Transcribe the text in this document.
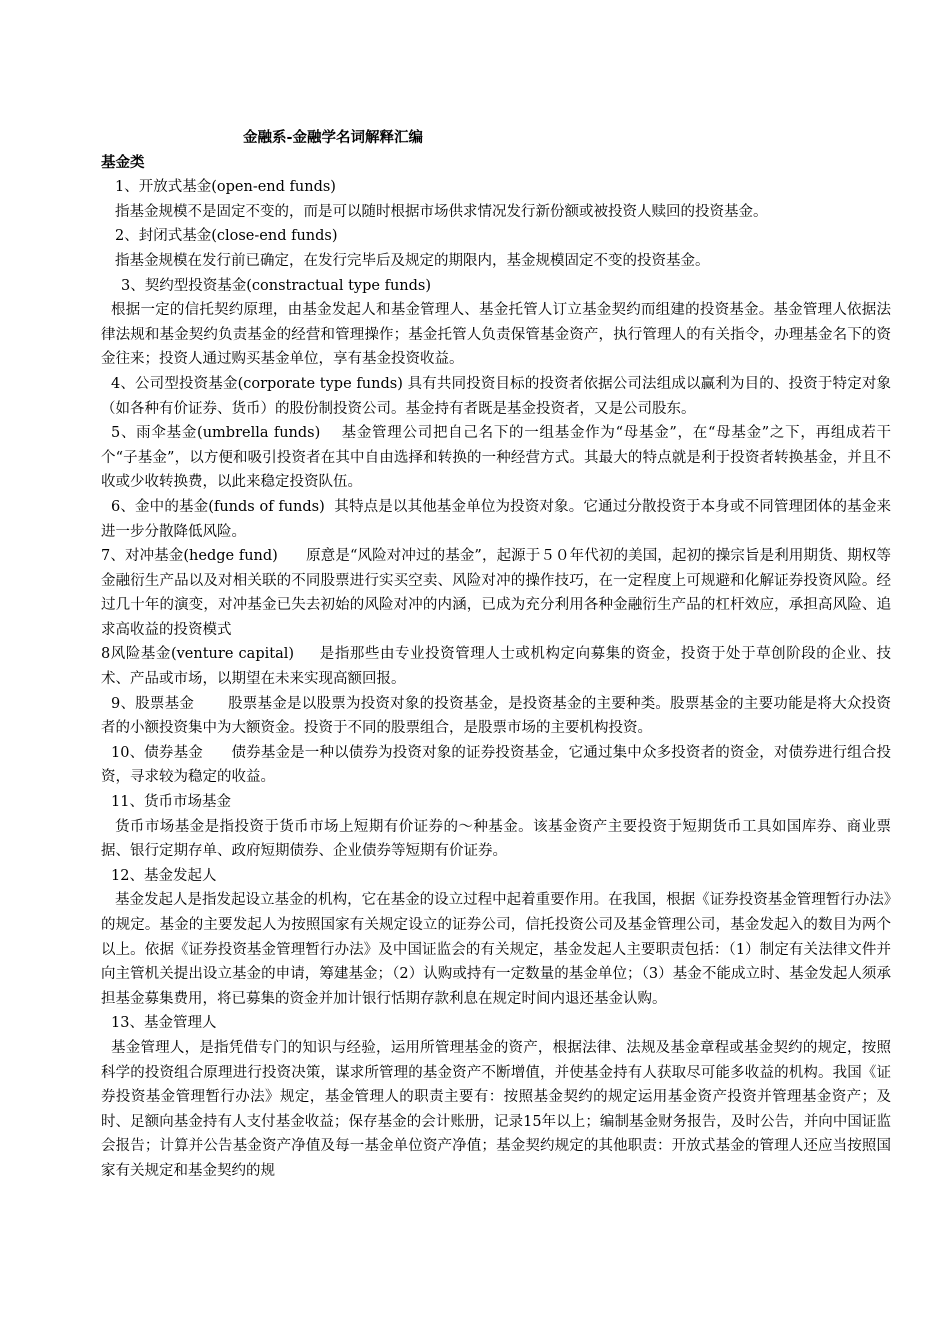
金融系-金融学名词解释汇编
基金类

1、开放式基金(open-end funds)

指基金规模不是固定不变的，而是可以随时根据市场供求情况发行新份额或被投资人赎回的投资基金。

2、封闭式基金(close-end funds)

指基金规模在发行前已确定，在发行完毕后及规定的期限内，基金规模固定不变的投资基金。

3、契约型投资基金(constractual type funds)

根据一定的信托契约原理，由基金发起人和基金管理人、基金托管人订立基金契约而组建的投资基金。基金管理人依据法律法规和基金契约负责基金的经营和管理操作；基金托管人负责保管基金资产，执行管理人的有关指令，办理基金名下的资金往来；投资人通过购买基金单位，享有基金投资收益。

4、公司型投资基金(corporate type funds) 具有共同投资目标的投资者依据公司法组成以赢利为目的、投资于特定对象（如各种有价证券、货币）的股份制投资公司。基金持有者既是基金投资者，又是公司股东。

5、雨伞基金(umbrella funds)    基金管理公司把自己名下的一组基金作为“母基金”，在“母基金”之下，再组成若干个“子基金”，以方便和吸引投资者在其中自由选择和转换的一种经营方式。其最大的特点就是利于投资者转换基金，并且不收或少收转换费，以此来稳定投资队伍。

6、金中的基金(funds of funds)  其特点是以其他基金单位为投资对象。它通过分散投资于本身或不同管理团体的基金来进一步分散降低风险。

7、对冲基金(hedge fund)      原意是“风险对冲过的基金”，起源于５０年代初的美国，起初的操宗旨是利用期货、期权等金融衍生产品以及对相关联的不同股票进行实买空卖、风险对冲的操作技巧，在一定程度上可规避和化解证券投资风险。经过几十年的演变，对冲基金已失去初始的风险对冲的内涵，已成为充分利用各种金融衍生产品的杠杆效应，承担高风险、追求高收益的投资模式

8风险基金(venture capital)     是指那些由专业投资管理人士或机构定向募集的资金，投资于处于草创阶段的企业、技术、产品或市场，以期望在未来实现高额回报。

9、股票基金       股票基金是以股票为投资对象的投资基金，是投资基金的主要种类。股票基金的主要功能是将大众投资者的小额投资集中为大额资金。投资于不同的股票组合，是股票市场的主要机构投资。

10、债券基金      债券基金是一种以债券为投资对象的证券投资基金，它通过集中众多投资者的资金，对债券进行组合投资，寻求较为稳定的收益。

11、货币市场基金

货币市场基金是指投资于货币市场上短期有价证券的～种基金。该基金资产主要投资于短期货币工具如国库券、商业票据、银行定期存单、政府短期债券、企业债券等短期有价证券。

12、基金发起人

基金发起人是指发起设立基金的机构，它在基金的设立过程中起着重要作用。在我国，根据《证券投资基金管理暂行办法》的规定。基金的主要发起人为按照国家有关规定设立的证券公司，信托投资公司及基金管理公司，基金发起入的数目为两个以上。依据《证券投资基金管理暂行办法》及中国证监会的有关规定，基金发起人主要职责包括：（1）制定有关法律文件并向主管机关提出设立基金的申请，筹建基金；（2）认购或持有一定数量的基金单位；（3）基金不能成立时、基金发起人须承担基金募集费用，将已募集的资金并加计银行恬期存款利息在规定时间内退还基金认购。

13、基金管理人

基金管理人，是指凭借专门的知识与经验，运用所管理基金的资产，根据法律、法规及基金章程或基金契约的规定，按照科学的投资组合原理进行投资决策，谋求所管理的基金资产不断增值，并使基金持有人获取尽可能多收益的机构。我国《证券投资基金管理暂行办法》规定，基金管理人的职责主要有：按照基金契约的规定运用基金资产投资并管理基金资产；及时、足额向基金持有人支付基金收益；保存基金的会计账册，记录15年以上；编制基金财务报告，及时公告，并向中国证监会报告；计算并公告基金资产净值及每一基金单位资产净值；基金契约规定的其他职责：开放式基金的管理人还应当按照国家有关规定和基金契约的规
